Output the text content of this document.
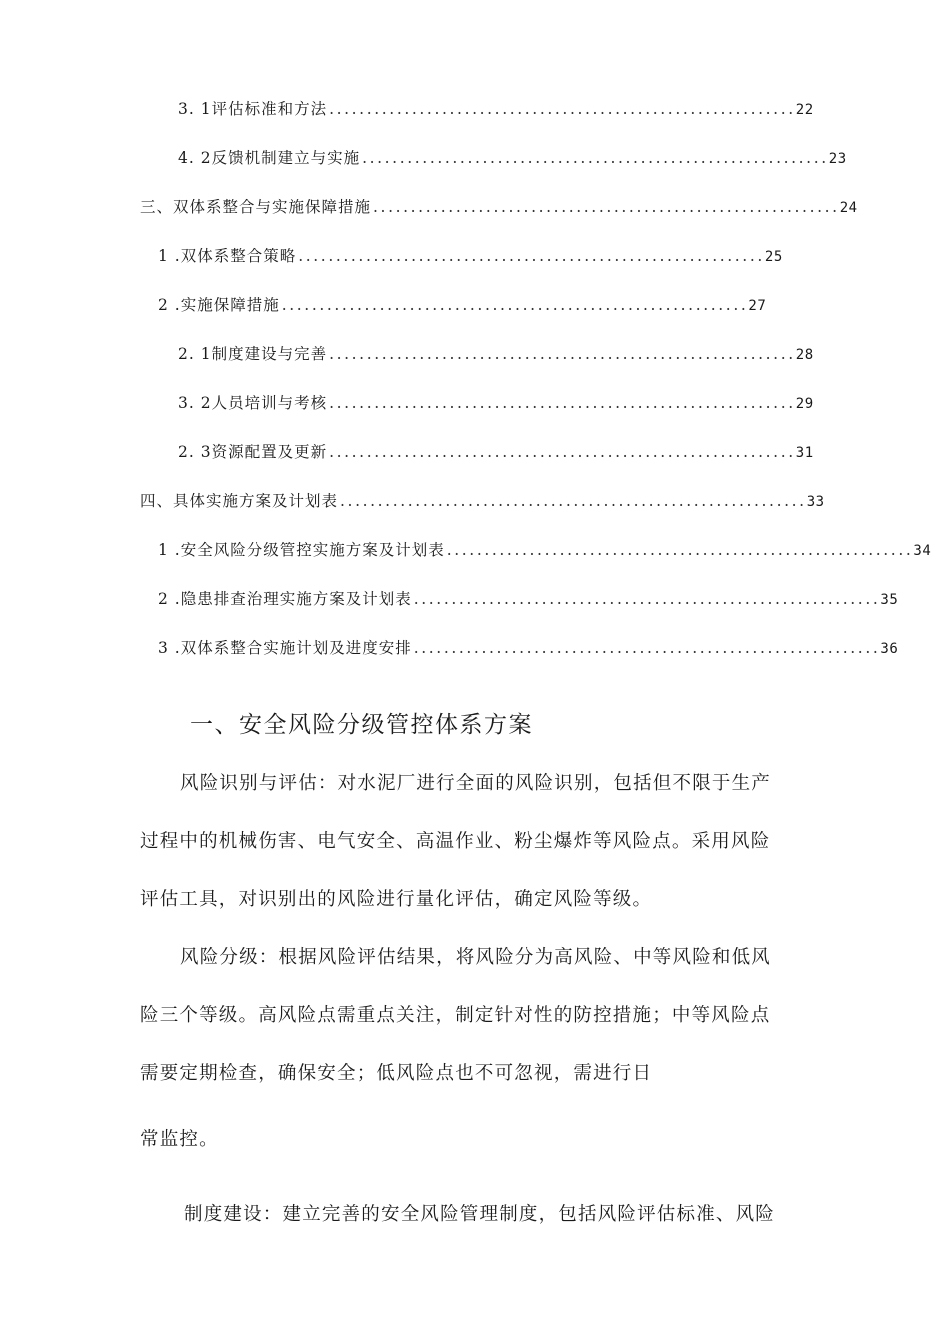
3. 1评估标准和方法 .............................................................. 22
4. 2反馈机制建立与实施 .............................................................. 23
三、双体系整合与实施保障措施 .............................................................. 24
1 .双体系整合策略 .............................................................. 25
2 .实施保障措施 .............................................................. 27
2. 1制度建设与完善 .............................................................. 28
3. 2人员培训与考核 .............................................................. 29
2. 3资源配置及更新 .............................................................. 31
四、具体实施方案及计划表 .............................................................. 33
1 .安全风险分级管控实施方案及计划表 .............................................................. 34
2 .隐患排查治理实施方案及计划表 .............................................................. 35
3 .双体系整合实施计划及进度安排 .............................................................. 36
一、安全风险分级管控体系方案

风险识别与评估：对水泥厂进行全面的风险识别，包括但不限于生产

过程中的机械伤害、电气安全、高温作业、粉尘爆炸等风险点。采用风险

评估工具，对识别出的风险进行量化评估，确定风险等级。

风险分级：根据风险评估结果，将风险分为高风险、中等风险和低风

险三个等级。高风险点需重点关注，制定针对性的防控措施；中等风险点

需要定期检查，确保安全；低风险点也不可忽视，需进行日

常监控。

制度建设：建立完善的安全风险管理制度，包括风险评估标准、风险
